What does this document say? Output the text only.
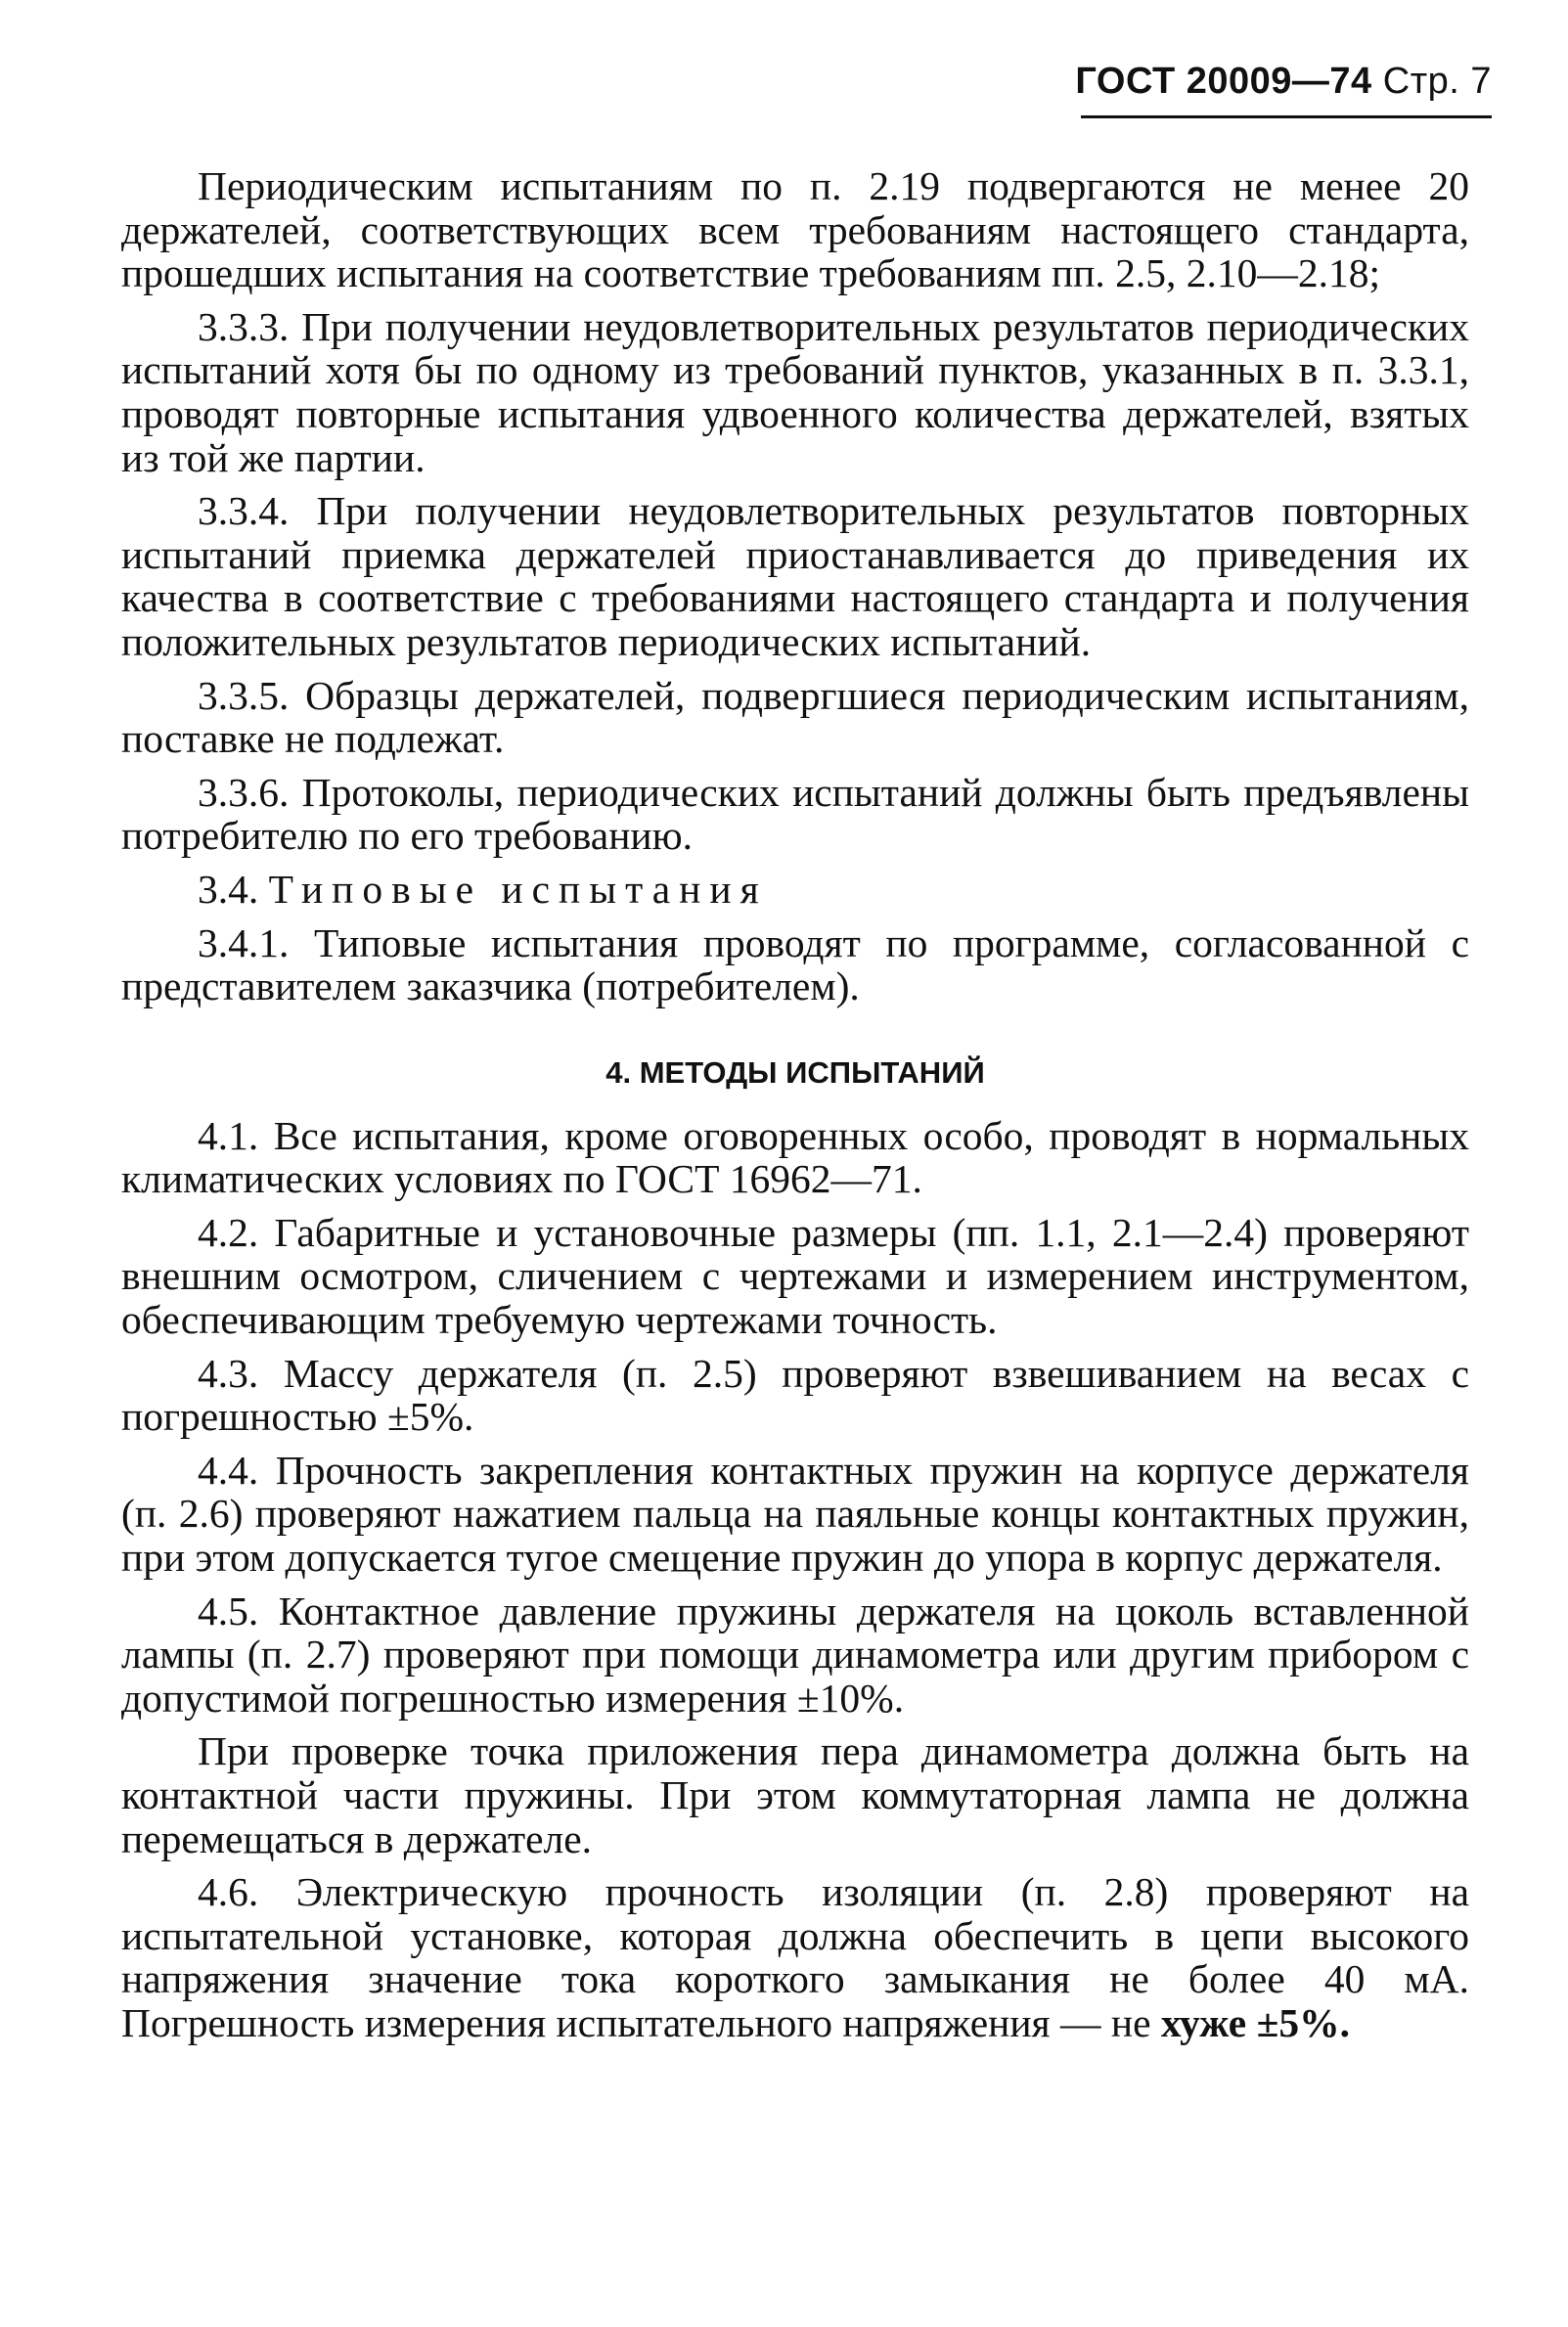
ГОСТ 20009—74 Стр. 7

Периодическим испытаниям по п. 2.19 подвергаются не менее 20 держателей, соответствующих всем требованиям настоящего стандарта, прошедших испытания на соответствие требованиям пп. 2.5, 2.10—2.18;

3.3.3. При получении неудовлетворительных результатов периодических испытаний хотя бы по одному из требований пунктов, указанных в п. 3.3.1, проводят повторные испытания удвоенного количества держателей, взятых из той же партии.

3.3.4. При получении неудовлетворительных результатов повторных испытаний приемка держателей приостанавливается до приведения их качества в соответствие с требованиями настоящего стандарта и получения положительных результатов периодических испытаний.

3.3.5. Образцы держателей, подвергшиеся периодическим испытаниям, поставке не подлежат.

3.3.6. Протоколы, периодических испытаний должны быть предъявлены потребителю по его требованию.

3.4. Типовые испытания

3.4.1. Типовые испытания проводят по программе, согласованной с представителем заказчика (потребителем).

4. МЕТОДЫ ИСПЫТАНИЙ

4.1. Все испытания, кроме оговоренных особо, проводят в нормальных климатических условиях по ГОСТ 16962—71.

4.2. Габаритные и установочные размеры (пп. 1.1, 2.1—2.4) проверяют внешним осмотром, сличением с чертежами и измерением инструментом, обеспечивающим требуемую чертежами точность.

4.3. Массу держателя (п. 2.5) проверяют взвешиванием на весах с погрешностью ±5%.

4.4. Прочность закрепления контактных пружин на корпусе держателя (п. 2.6) проверяют нажатием пальца на паяльные концы контактных пружин, при этом допускается тугое смещение пружин до упора в корпус держателя.

4.5. Контактное давление пружины держателя на цоколь вставленной лампы (п. 2.7) проверяют при помощи динамометра или другим прибором с допустимой погрешностью измерения ±10%.

При проверке точка приложения пера динамометра должна быть на контактной части пружины. При этом коммутаторная лампа не должна перемещаться в держателе.

4.6. Электрическую прочность изоляции (п. 2.8) проверяют на испытательной установке, которая должна обеспечить в цепи высокого напряжения значение тока короткого замыкания не более 40 мА. Погрешность измерения испытательного напряжения — не хуже ±5%.
